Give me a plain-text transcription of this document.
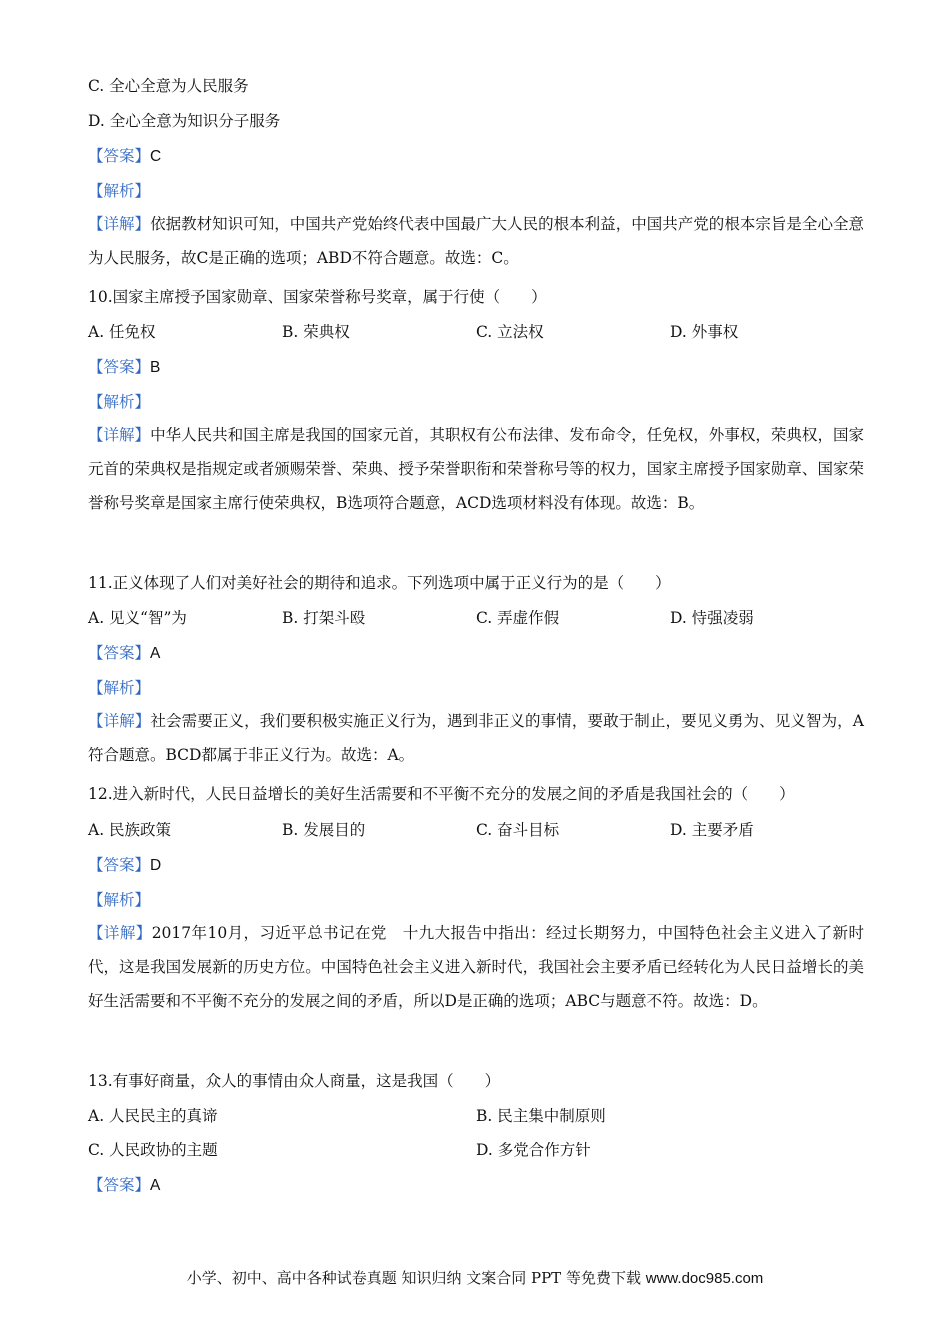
C. 全心全意为人民服务
D. 全心全意为知识分子服务
【答案】C
【解析】
【详解】依据教材知识可知，中国共产党始终代表中国最广大人民的根本利益，中国共产党的根本宗旨是全心全意为人民服务，故C是正确的选项；ABD不符合题意。故选：C。
10.国家主席授予国家勋章、国家荣誉称号奖章，属于行使（　　）
A. 任免权	B. 荣典权	C. 立法权	D. 外事权
【答案】B
【解析】
【详解】中华人民共和国主席是我国的国家元首，其职权有公布法律、发布命令，任免权，外事权，荣典权，国家元首的荣典权是指规定或者颁赐荣誉、荣典、授予荣誉职衔和荣誉称号等的权力，国家主席授予国家勋章、国家荣誉称号奖章是国家主席行使荣典权，B选项符合题意，ACD选项材料没有体现。故选：B。
11.正义体现了人们对美好社会的期待和追求。下列选项中属于正义行为的是（　　）
A. 见义“智”为	B. 打架斗殴	C. 弄虚作假	D. 恃强凌弱
【答案】A
【解析】
【详解】社会需要正义，我们要积极实施正义行为，遇到非正义的事情，要敢于制止，要见义勇为、见义智为，A符合题意。BCD都属于非正义行为。故选：A。
12.进入新时代，人民日益增长的美好生活需要和不平衡不充分的发展之间的矛盾是我国社会的（　　）
A. 民族政策	B. 发展目的	C. 奋斗目标	D. 主要矛盾
【答案】D
【解析】
【详解】2017年10月，习近平总书记在党　十九大报告中指出：经过长期努力，中国特色社会主义进入了新时代，这是我国发展新的历史方位。中国特色社会主义进入新时代，我国社会主要矛盾已经转化为人民日益增长的美好生活需要和不平衡不充分的发展之间的矛盾，所以D是正确的选项；ABC与题意不符。故选：D。
13.有事好商量，众人的事情由众人商量，这是我国（　　）
A. 人民民主的真谛	B. 民主集中制原则
C. 人民政协的主题	D. 多党合作方针
【答案】A
小学、初中、高中各种试卷真题 知识归纳 文案合同 PPT 等免费下载 www.doc985.com
